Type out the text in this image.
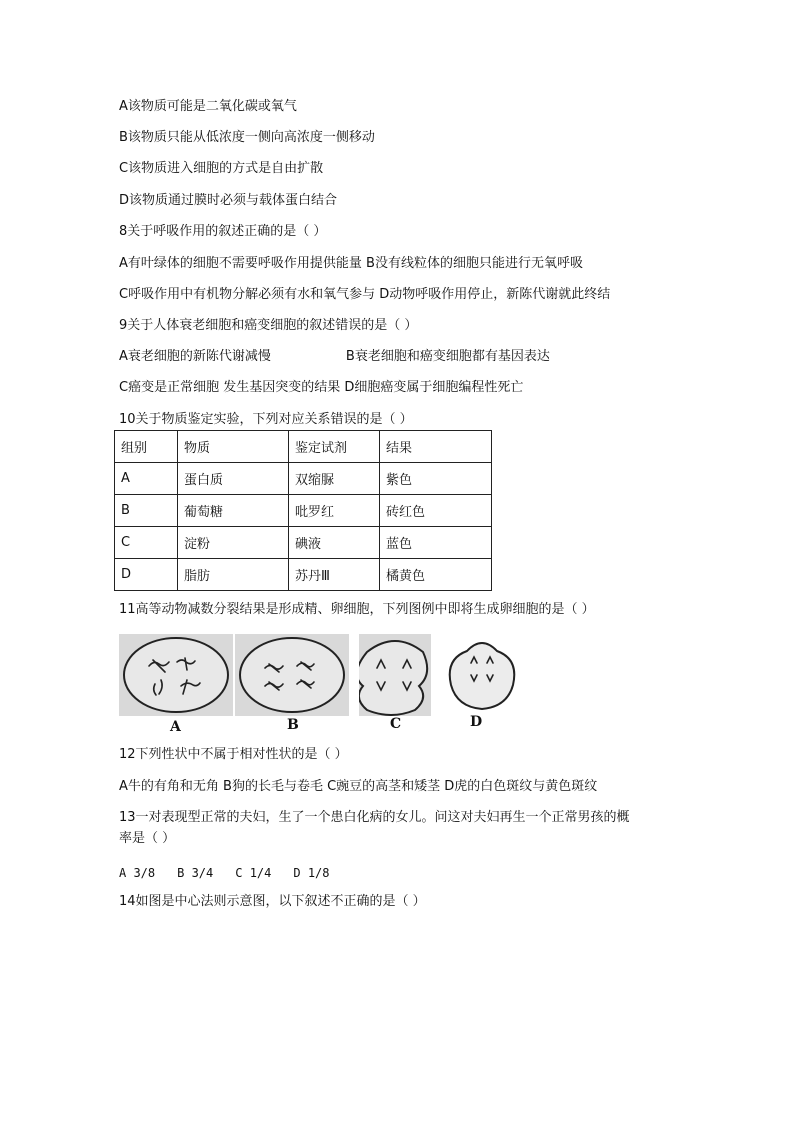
A该物质可能是二氧化碳或氧气
B该物质只能从低浓度一侧向高浓度一侧移动
C该物质进入细胞的方式是自由扩散
D该物质通过膜时必须与载体蛋白结合
8关于呼吸作用的叙述正确的是（ ）
A有叶绿体的细胞不需要呼吸作用提供能量 B没有线粒体的细胞只能进行无氧呼吸
C呼吸作用中有机物分解必须有水和氧气参与 D动物呼吸作用停止，新陈代谢就此终结
9关于人体衰老细胞和癌变细胞的叙述错误的是（ ）
A衰老细胞的新陈代谢减慢	B衰老细胞和癌变细胞都有基因表达
C癌变是正常细胞 发生基因突变的结果 D细胞癌变属于细胞编程性死亡
10关于物质鉴定实验，下列对应关系错误的是（ ）
组别	物质	鉴定试剂	结果
A	蛋白质	双缩脲	紫色
B	葡萄糖	吡罗红	砖红色
C	淀粉	碘液	蓝色
D	脂肪	苏丹Ⅲ	橘黄色
11高等动物减数分裂结果是形成精、卵细胞，下列图例中即将生成卵细胞的是（ ）
A	B	C	D
12下列性状中不属于相对性状的是（ ）
A牛的有角和无角 B狗的长毛与卷毛 C豌豆的高茎和矮茎 D虎的白色斑纹与黄色斑纹
13一对表现型正常的夫妇，生了一个患白化病的女儿。问这对夫妇再生一个正常男孩的概
率是（ ）
A 3/8 B 3/4 C 1/4 D 1/8
14如图是中心法则示意图，以下叙述不正确的是（ ）
